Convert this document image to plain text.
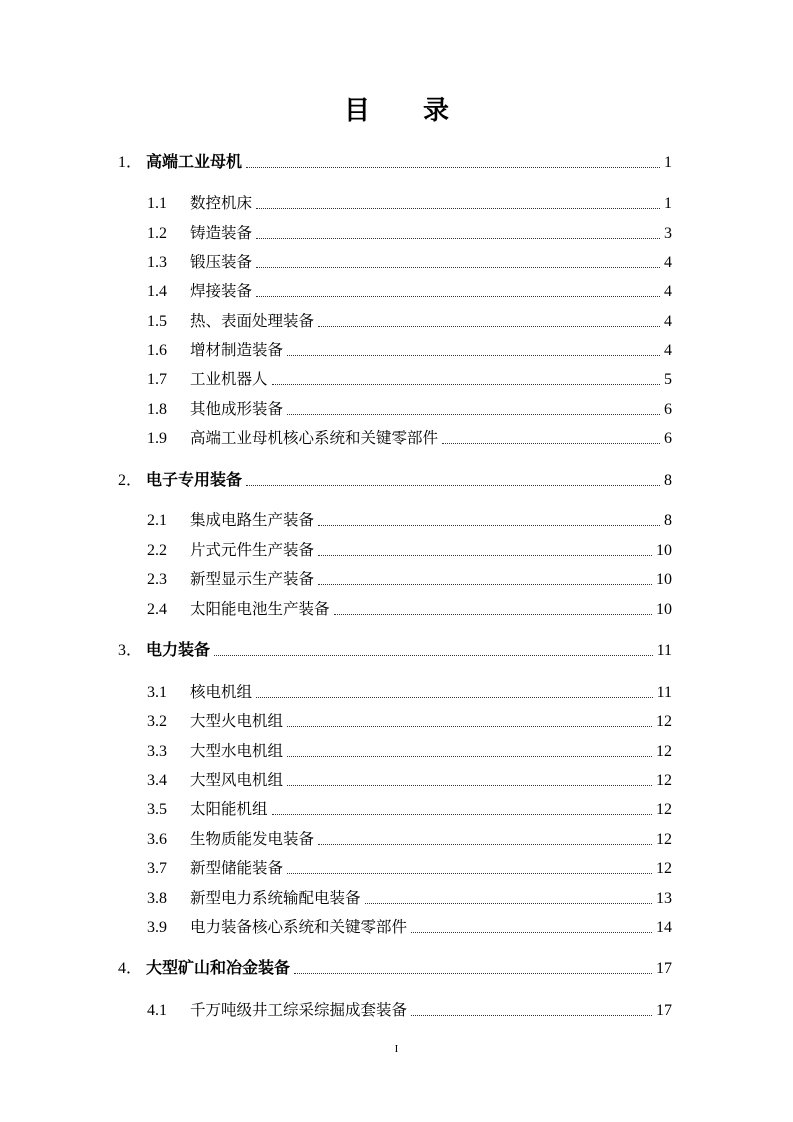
目 录
1． 高端工业母机	1
1.1	数控机床	1
1.2	铸造装备	3
1.3	锻压装备	4
1.4	焊接装备	4
1.5	热、表面处理装备	4
1.6	增材制造装备	4
1.7	工业机器人	5
1.8	其他成形装备	6
1.9	高端工业母机核心系统和关键零部件	6
2． 电子专用装备	8
2.1	集成电路生产装备	8
2.2	片式元件生产装备	10
2.3	新型显示生产装备	10
2.4	太阳能电池生产装备	10
3． 电力装备	11
3.1	核电机组	11
3.2	大型火电机组	12
3.3	大型水电机组	12
3.4	大型风电机组	12
3.5	太阳能机组	12
3.6	生物质能发电装备	12
3.7	新型储能装备	12
3.8	新型电力系统输配电装备	13
3.9	电力装备核心系统和关键零部件	14
4． 大型矿山和冶金装备	17
4.1	千万吨级井工综采综掘成套装备	17
I
